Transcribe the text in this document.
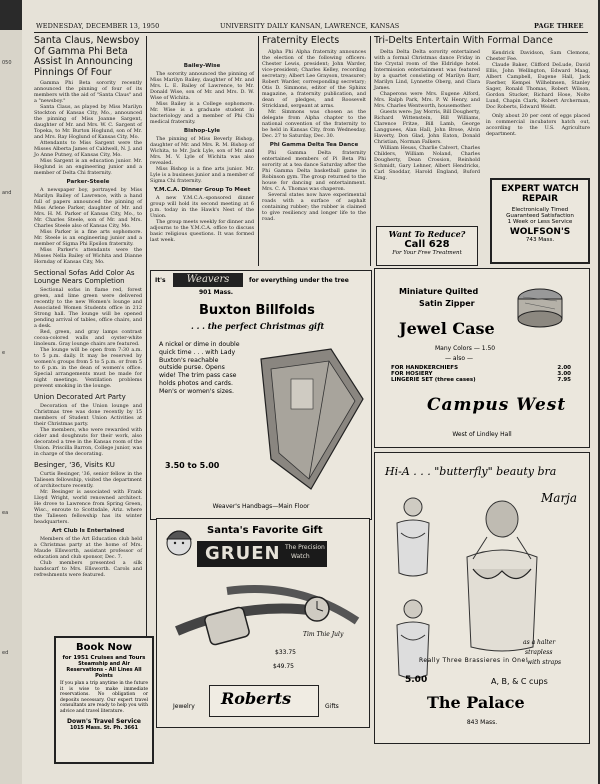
050
and
e
ea
ed
WEDNESDAY, DECEMBER 13, 1950	UNIVERSITY DAILY KANSAN, LAWRENCE, KANSAS	PAGE THREE
Santa Claus, Newsboy Of Gamma Phi Beta Assist In Announcing Pinnings Of Four

Gamma Phi Beta sorority recently announced the pinning of four of its members with the aid of "Santa Claus" and a "newsboy."

Santa Claus, as played by Miss Marilyn Stockton of Kansas City, Mo., announced the pinning of Miss Joanne Sargent, daughter of Mr. and Mrs. W. C. Sargent of Topeka, to Mr. Burton Hoglund, son of Mr. and Mrs. Ray Hoglund of Kansas City, Mo.

Attendants to Miss Sargent were the Misses Alberta James of Caldwell, N. J. and Jo Anne Putney, of Kansas City, Mo.

Miss Sargent is an education junior. Mr. Hoglund is an engineering junior and a member of Delta Chi fraternity.

Parker-Steele

A newspaper boy, portrayed by Miss Marilyn Bailey of Lawrence, with a hand full of papers announced the pinning of Miss Arlene Parker, daughter of Mr. and Mrs. H. M. Parker of Kansas City, Mo., to Mr. Charles Steele, son of Mr. and Mrs. Charles Steele also of Kansas City, Mo.

Miss Parker is a fine arts sophomore. Mr. Steele is an engineering junior and a member of Sigma Phi Epsilon fraternity.

Miss Parker's attendants were the Misses Nella Bailey of Wichita and Dianne Hornday of Kansas City, Mo.

Sectional Sofas Add Color As Lounge Nears Completion

Sectional sofas in flame red, forest green, and lime green were delivered recently to the new Women's lounge and Associated Women Students office in 212 Strong hall. The lounge will be opened pending arrival of tables, office chairs, and a desk.

Red, green, and gray lamps contrast cocoa-colored walls and oyster-white linoleum. Gray lounge chairs are featured.

The lounge will be open from 7:30 a.m. to 5 p.m. daily. It may be reserved by women's groups from 5 to 5 p.m. or from 5 to 6 p.m. in the dean of women's office. Special arrangements must be made for night meetings. Ventilation problems prevent smoking in the lounge.

Union Decorated Art Party

Decoration of the Union lounge and Christmas tree was done recently by 15 members of Student Union Activities at their Christmas party.

The members, who were rewarded with cider and doughnuts for their work, also decorated a tree in the Kansas room of the Union. Priscilla Barron, College junior, was in charge of the decorating.

Besinger, '36, Visits KU

Curtis Besinger, '36, senior fellow in the Taliesen fellowship, visited the department of architecture recently.

Mr. Besinger is associated with Frank Lloyd Wright, world renowned architect. He drove to Lawrence from Spring Green, Wisc., enroute to Scottsdale, Ariz. where the Taliesen fellowship has its winter headquarters.

Art Club Is Entertained

Members of the Art Education club held a Christmas party at the home of Mrs. Maude Ellsworth, assistant professor of education and club sponsor, Dec. 7.

Club members presented a silk handscarf to Mrs. Ellsworth. Carols and refreshments were featured.

Book Now
for 1951 Cruises and Tours
Steamship and Air Reservations - All Lines All Points

If you plan a trip anytime in the future it is wise to make immediate reservations. No obligation or deposits necessary. Our expert travel consultants are ready to help you with advice and travel literature.

Down's Travel Service
1015 Mass. St. Ph. 3661
Bailey-Wise

The sorority announced the pinning of Miss Marilyn Bailey, daughter of Mr. and Mrs. L. E. Bailey of Lawrence, to Mr. Donald Wise, son of Mr. and Mrs. D. W. Wise of Wichita.

Miss Bailey is a College sophomore. Mr. Wise is a graduate student in bacteriology and a member of Phi Chi medical fraternity.

Bishop-Lyle

The pinning of Miss Beverly Bishop, daughter of Mr. and Mrs. R. M. Bishop of Wichita, to Mr. Jack Lyle, son of Mr. and Mrs. M. V. Lyle of Wichita was also revealed.

Miss Bishop is a fine arts junior. Mr. Lyle is a business junior and a member of Sigma Chi fraternity.

Y.M.C.A. Dinner Group To Meet

A new Y.M.C.A.-sponsored dinner group will hold its second meeting at 6 p.m. today in the Hawk's Nest of the Union.

The group meets weekly for dinner and adjourns to the Y.M.C.A. office to discuss basic religious questions. It was formed last week.

Fraternity Elects

Alpha Phi Alpha fraternity announces the election of the following officers: Chester Lewis, president; John Warder, vice-president; Charles Kelley, recording secretary; Albert Lee Grayson, treasurer; Robert Warder, corresponding secretary; Otis D. Simmons, editor of the Sphinx magazine, a fraternity publication, and dean of pledges, and Roosevelt Strickland, sergeant at arms.

Mr. Simmons was chosen as the delegate from Alpha chapter to the national convention of the fraternity to be held in Kansas City, from Wednesday, Dec. 27 to Saturday, Dec. 30.

Phi Gamma Delta Tea Dance

Phi Gamma Delta fraternity entertained members of Pi Beta Phi sorority at a tea dance Saturday after the Phi Gamma Delta basketball game in Robinson gym. The group returned to the house for dancing and entertainment. Mrs. C. A. Thomas was chaperon.

Several states now have experimental roads with a surface of asphalt containing rubber; the rubber is claimed to give resiliency and longer life to the road.

Tri-Delts Entertain With Formal Dance

Delta Delta Delta sorority entertained with a formal Christmas dance Friday in the Crystal room of the Eldridge hotel. Intermission entertainment was featured by a quartet consisting of Marilyn Barr, Marilyn Lind, Lynnette Oberg, and Clara James.

Chaperons were Mrs. Eugene Alford, Mrs. Ralph Park, Mrs. P. W. Henry, and Mrs. Charles Wentworth, housemother.

Guests were: Jay Morris, Bill Dougherty, Richard Wittenstein, Bill Williams, Clarence Fritze, Bill Lamb, George Langguees, Alan Hall, John Brose, Alvin Haverty, Don Glad, John Eaton, Donald Christian, Norman Falkers.

William Heuss, Charlie Calvert, Charles Childers, William Noland, Charles Dougherty, Dean Crossion, Reinhold Schmidt, Gary Lehner, Albert Hendricks, Carl Snoddar, Harold England, Buford King.

Kendrick Davidson, Sam Clemons, Chester Fee.

Claude Baker, Clifford DeLude, David Ellis, John Wellington, Edward Maag, Albert Campbell, Eugene Hall, Jack Faerber, Kempei Wilhelmsen, Stanley Sager, Ronald Thomas, Robert Wilson, Gordon Stucker, Richard Hose, Nolte Lund, Chapin Clark, Robert Archerman, Doc Roberts, Edward Weidt.

Only about 20 per cent of eggs placed in commercial incubators hatch out, according to the U.S. Agriculture department.

Want To Reduce?
Call 628
For Your Free Treatment
EXPERT WATCH REPAIR
Electronically Timed
Guaranteed Satisfaction
1 Week or Less Service
WOLFSON'S
743 Mass.
It's	Weavers	for everything under the tree
901 Mass.
Buxton Billfolds
. . . the perfect Christmas gift
A nickel or dime in double quick time . . . with Lady Buxton's reachable outside purse. Opens wide! The trim pass case holds photos and cards. Men's or women's sizes.
3.50 to 5.00
Weaver's Handbags—Main Floor
Miniature Quilted
Satin Zipper
Jewel Case
Many Colors — 1.50
— also —
FOR HANDKERCHIEFS	2.00
FOR HOSIERY	3.00
LINGERIE SET (three cases)	7.95
Campus West
West of Lindley Hall
Santa's Favorite Gift
GRUEN The Precision
Watch
Tim Thie July
$33.75
$49.75
Roberts
Jewelry	Gifts
Hi-A . . . "butterfly" beauty bra
Marja
Really Three Brassieres in One!
as a halter
strapless
with straps
5.00	A, B, & C cups
The Palace
843 Mass.
